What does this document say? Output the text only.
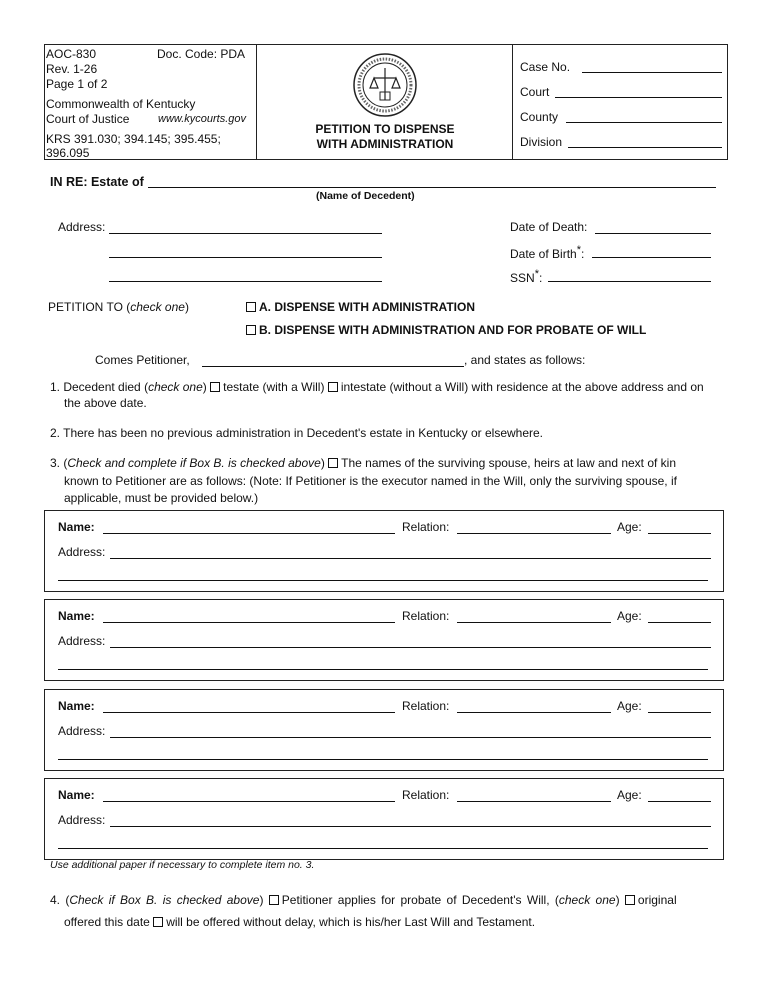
AOC-830	Doc. Code: PDA
Rev. 1-26
Page 1 of 2
Commonwealth of Kentucky
Court of Justice	www.kycourts.gov
KRS 391.030; 394.145; 395.455;
396.095
PETITION TO DISPENSE
WITH ADMINISTRATION
Case No.
Court
County
Division
IN RE: Estate of
(Name of Decedent)
Address:	Date of Death:
Date of Birth*:
SSN*:
PETITION TO (check one)	A. DISPENSE WITH ADMINISTRATION
B. DISPENSE WITH ADMINISTRATION AND FOR PROBATE OF WILL
Comes Petitioner,	, and states as follows:
1. Decedent died (check one) testate (with a Will) intestate (without a Will) with residence at the above address and on
the above date.
2. There has been no previous administration in Decedent's estate in Kentucky or elsewhere.
3. (Check and complete if Box B. is checked above) The names of the surviving spouse, heirs at law and next of kin
known to Petitioner are as follows: (Note: If Petitioner is the executor named in the Will, only the surviving spouse, if
applicable, must be provided below.)
Name:	Relation:	Age:
Address:
Name:	Relation:	Age:
Address:
Name:	Relation:	Age:
Address:
Name:	Relation:	Age:
Address:
Use additional paper if necessary to complete item no. 3.
4. (Check if Box B. is checked above) Petitioner applies for probate of Decedent's Will, (check one) original
offered this date will be offered without delay, which is his/her Last Will and Testament.
